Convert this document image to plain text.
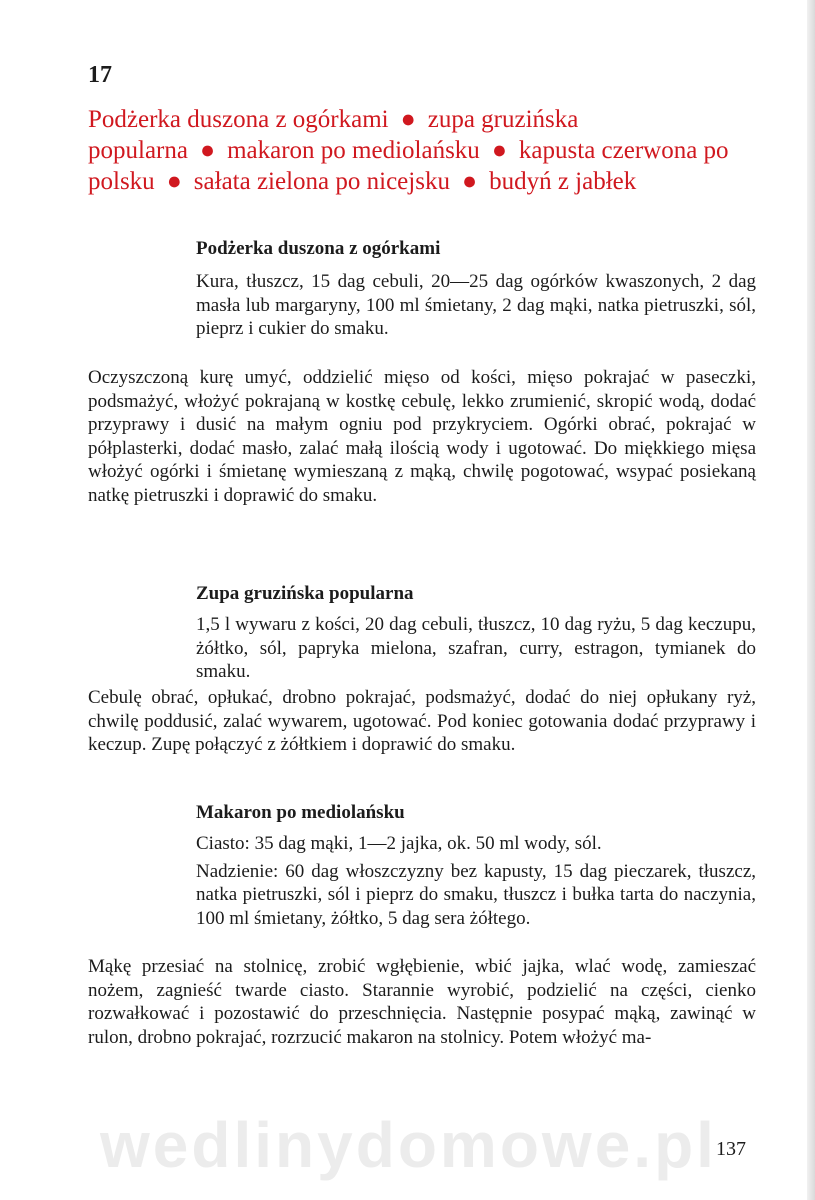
17
Podżerka duszona z ogórkami ● zupa gruzińska popularna ● makaron po mediolańsku ● kapusta czerwona po polsku ● sałata zielona po nicejsku ● budyń z jabłek
Podżerka duszona z ogórkami

Kura, tłuszcz, 15 dag cebuli, 20—25 dag ogórków kwaszonych, 2 dag masła lub margaryny, 100 ml śmietany, 2 dag mąki, natka pietruszki, sól, pieprz i cukier do smaku.

Oczyszczoną kurę umyć, oddzielić mięso od kości, mięso pokrajać w paseczki, podsmażyć, włożyć pokrajaną w kostkę cebulę, lekko zrumienić, skropić wodą, dodać przyprawy i dusić na małym ogniu pod przykryciem. Ogórki obrać, pokrajać w półplasterki, dodać masło, zalać małą ilością wody i ugotować. Do miękkiego mięsa włożyć ogórki i śmietanę wymieszaną z mąką, chwilę pogotować, wsypać posiekaną natkę pietruszki i doprawić do smaku.
Zupa gruzińska popularna

1,5 l wywaru z kości, 20 dag cebuli, tłuszcz, 10 dag ryżu, 5 dag keczupu, żółtko, sól, papryka mielona, szafran, curry, estragon, tymianek do smaku.

Cebulę obrać, opłukać, drobno pokrajać, podsmażyć, dodać do niej opłukany ryż, chwilę poddusić, zalać wywarem, ugotować. Pod koniec gotowania dodać przyprawy i keczup. Zupę połączyć z żółtkiem i doprawić do smaku.
Makaron po mediolańsku

Ciasto: 35 dag mąki, 1—2 jajka, ok. 50 ml wody, sól.

Nadzienie: 60 dag włoszczyzny bez kapusty, 15 dag pieczarek, tłuszcz, natka pietruszki, sól i pieprz do smaku, tłuszcz i bułka tarta do naczynia, 100 ml śmietany, żółtko, 5 dag sera żółtego.

Mąkę przesiać na stolnicę, zrobić wgłębienie, wbić jajka, wlać wodę, zamieszać nożem, zagnieść twarde ciasto. Starannie wyrobić, podzielić na części, cienko rozwałkować i pozostawić do przeschnięcia. Następnie posypać mąką, zawinąć w rulon, drobno pokrajać, rozrzucić makaron na stolnicy. Potem włożyć ma-
wedlinydomowe.pl 137
